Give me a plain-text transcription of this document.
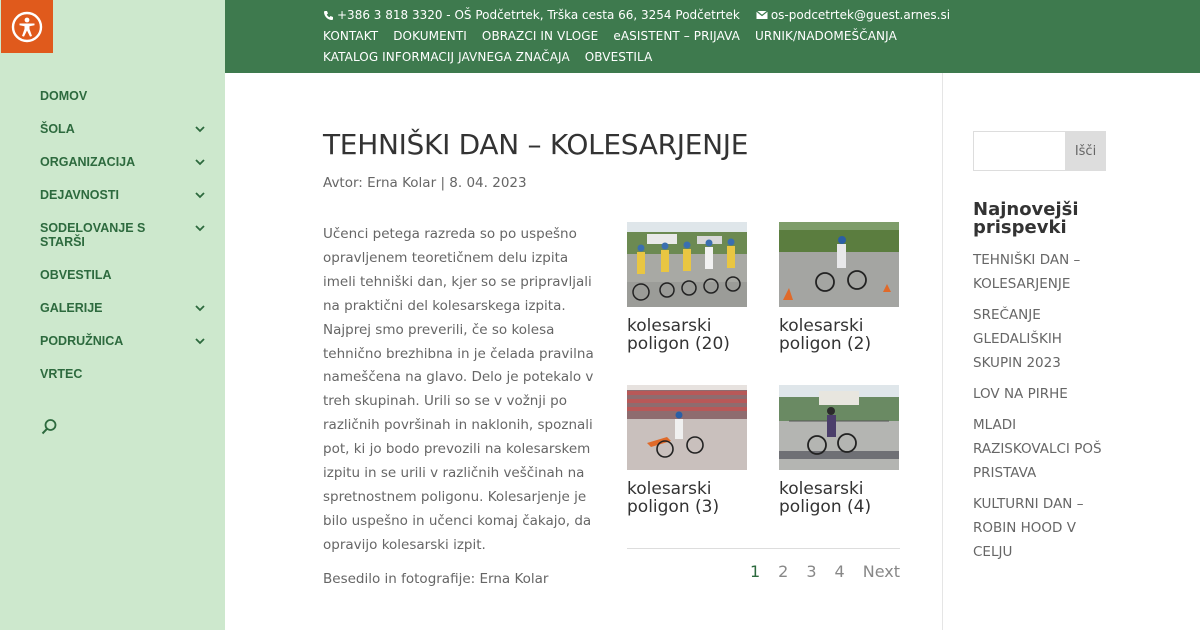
DOMOV
ŠOLA
ORGANIZACIJA
DEJAVNOSTI
SODELOVANJE S STARŠI
OBVESTILA
GALERIJE
PODRUŽNICA
VRTEC
+386 3 818 3320 - OŠ Podčetrtek, Trška cesta 66, 3254 Podčetrtek	os-podcetrtek@guest.arnes.si
KONTAKT DOKUMENTI OBRAZCI IN VLOGE eASISTENT – PRIJAVA URNIK/NADOMEŠČANJA
KATALOG INFORMACIJ JAVNEGA ZNAČAJA OBVESTILA
TEHNIŠKI DAN – KOLESARJENJE
Avtor: Erna Kolar | 8. 04. 2023

Učenci petega razreda so po uspešno opravljenem teoretičnem delu izpita imeli tehniški dan, kjer so se pripravljali na praktični del kolesarskega izpita. Najprej smo preverili, če so kolesa tehnično brezhibna in je čelada pravilna nameščena na glavo. Delo je potekalo v treh skupinah. Urili so se v vožnji po različnih površinah in naklonih, spoznali pot, ki jo bodo prevozili na kolesarskem izpitu in se urili v različnih veščinah na spretnostnem poligonu. Kolesarjenje je bilo uspešno in učenci komaj čakajo, da opravijo kolesarski izpit.

Besedilo in fotografije: Erna Kolar

kolesarski poligon (20)
kolesarski poligon (2)
kolesarski poligon (3)
kolesarski poligon (4)
1 2 3 4 Next
Išči
Najnovejši prispevki
TEHNIŠKI DAN – KOLESARJENJE
SREČANJE GLEDALIŠKIH SKUPIN 2023
LOV NA PIRHE
MLADI RAZISKOVALCI POŠ PRISTAVA
KULTURNI DAN – ROBIN HOOD V CELJU
